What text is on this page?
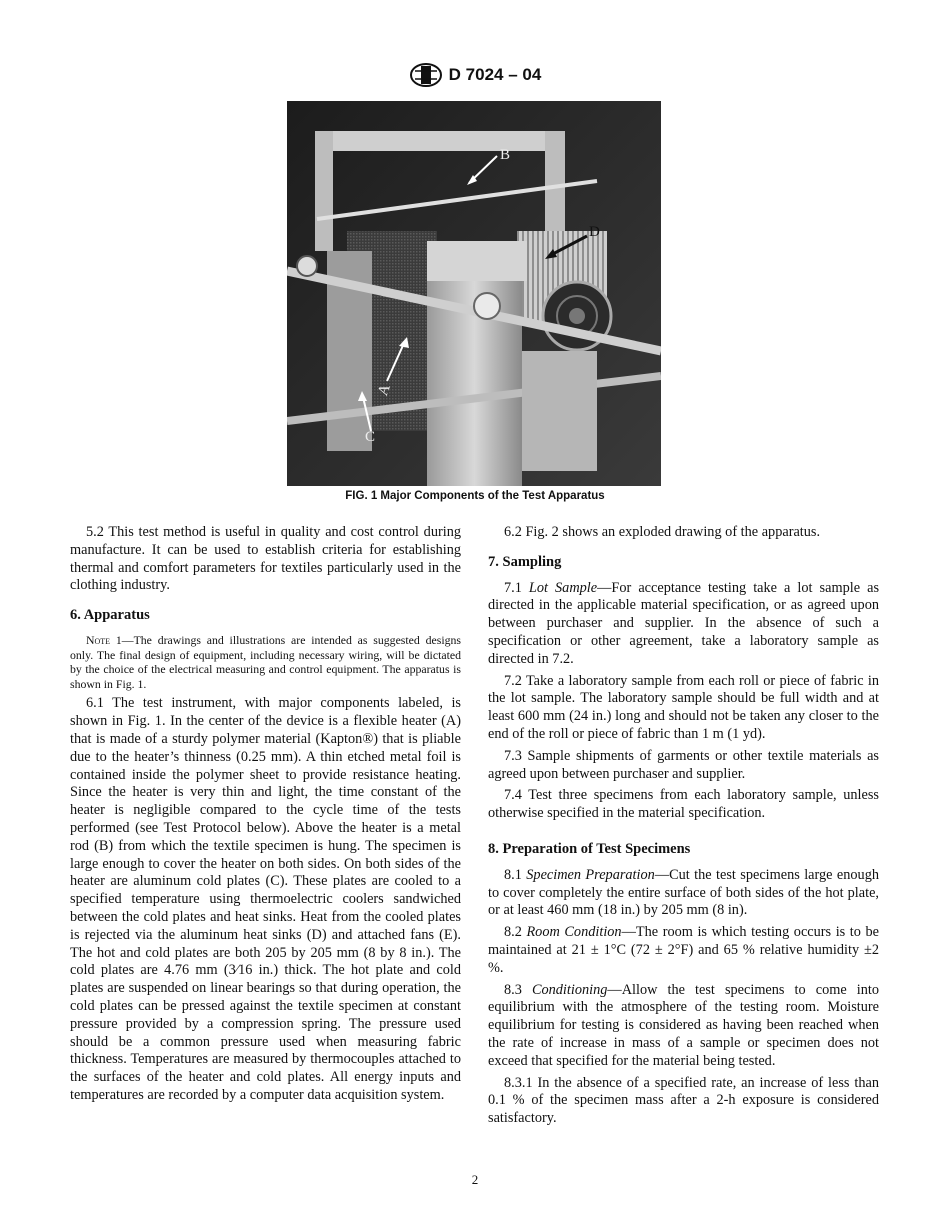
D 7024 – 04
B
D
A
C
FIG. 1 Major Components of the Test Apparatus

5.2 This test method is useful in quality and cost control during manufacture. It can be used to establish criteria for establishing thermal and comfort parameters for textiles particularly used in the clothing industry.

6. Apparatus

Note 1—The drawings and illustrations are intended as suggested designs only. The final design of equipment, including necessary wiring, will be dictated by the choice of the electrical measuring and control equipment. The apparatus is shown in Fig. 1.

6.1 The test instrument, with major components labeled, is shown in Fig. 1. In the center of the device is a flexible heater (A) that is made of a sturdy polymer material (Kapton®) that is pliable due to the heater’s thinness (0.25 mm). A thin etched metal foil is contained inside the polymer sheet to provide resistance heating. Since the heater is very thin and light, the time constant of the heater is negligible compared to the cycle time of the tests performed (see Test Protocol below). Above the heater is a metal rod (B) from which the textile specimen is hung. The specimen is large enough to cover the heater on both sides. On both sides of the heater are aluminum cold plates (C). These plates are cooled to a specified temperature using thermoelectric coolers sandwiched between the cold plates and heat sinks. Heat from the cooled plates is rejected via the aluminum heat sinks (D) and attached fans (E). The hot and cold plates are both 205 by 205 mm (8 by 8 in.). The cold plates are 4.76 mm (3⁄16 in.) thick. The hot plate and cold plates are suspended on linear bearings so that during operation, the cold plates can be pressed against the textile specimen at constant pressure provided by a compression spring. The pressure used should be a common pressure used when measuring fabric thickness. Temperatures are measured by thermocouples attached to the surfaces of the heater and cold plates. All energy inputs and temperatures are recorded by a computer data acquisition system.

6.2 Fig. 2 shows an exploded drawing of the apparatus.

7. Sampling

7.1 Lot Sample—For acceptance testing take a lot sample as directed in the applicable material specification, or as agreed upon between purchaser and supplier. In the absence of such a specification or other agreement, take a laboratory sample as directed in 7.2.

7.2 Take a laboratory sample from each roll or piece of fabric in the lot sample. The laboratory sample should be full width and at least 600 mm (24 in.) long and should not be taken any closer to the end of the roll or piece of fabric than 1 m (1 yd).

7.3 Sample shipments of garments or other textile materials as agreed upon between purchaser and supplier.

7.4 Test three specimens from each laboratory sample, unless otherwise specified in the material specification.

8. Preparation of Test Specimens

8.1 Specimen Preparation—Cut the test specimens large enough to cover completely the entire surface of both sides of the hot plate, or at least 460 mm (18 in.) by 205 mm (8 in).

8.2 Room Condition—The room is which testing occurs is to be maintained at 21 ± 1°C (72 ± 2°F) and 65 % relative humidity ±2 %.

8.3 Conditioning—Allow the test specimens to come into equilibrium with the atmosphere of the testing room. Moisture equilibrium for testing is considered as having been reached when the rate of increase in mass of a sample or specimen does not exceed that specified for the material being tested.

8.3.1 In the absence of a specified rate, an increase of less than 0.1 % of the specimen mass after a 2-h exposure is considered satisfactory.

2
